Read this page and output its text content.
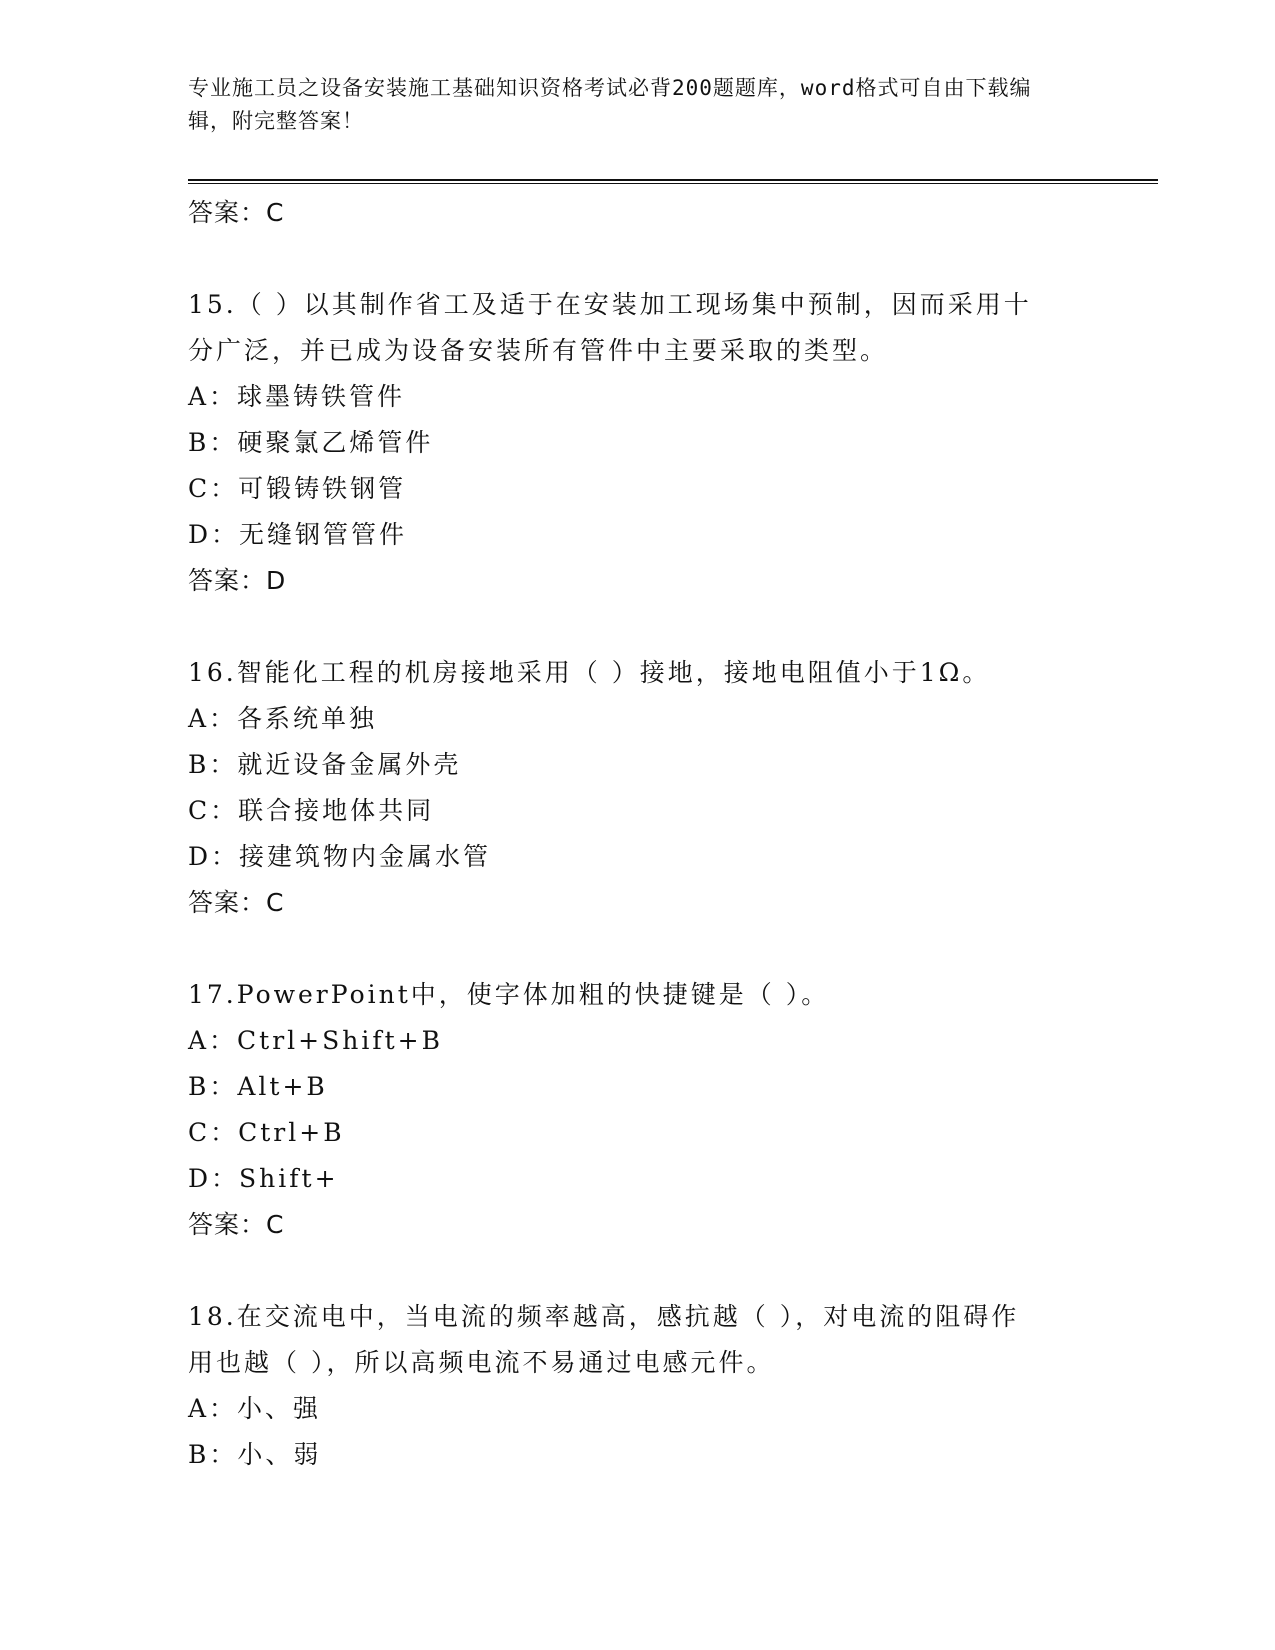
专业施工员之设备安装施工基础知识资格考试必背200题题库，word格式可自由下载编辑，附完整答案！
答案：C
15.（ ）以其制作省工及适于在安装加工现场集中预制，因而采用十
分广泛，并已成为设备安装所有管件中主要采取的类型。
A：球墨铸铁管件
B：硬聚氯乙烯管件
C：可锻铸铁钢管
D：无缝钢管管件
答案：D
16.智能化工程的机房接地采用（ ）接地，接地电阻值小于1Ω。
A：各系统单独
B：就近设备金属外壳
C：联合接地体共同
D：接建筑物内金属水管
答案：C
17.PowerPoint中，使字体加粗的快捷键是（ ）。
A：Ctrl+Shift+B
B：Alt+B
C：Ctrl+B
D：Shift+
答案：C
18.在交流电中，当电流的频率越高，感抗越（ ），对电流的阻碍作
用也越（ ），所以高频电流不易通过电感元件。
A：小、强
B：小、弱
